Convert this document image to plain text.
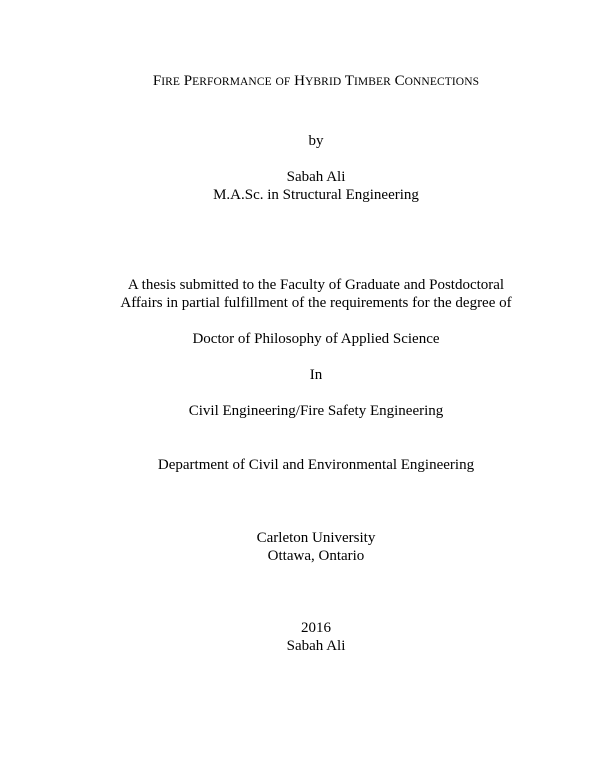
FIRE PERFORMANCE OF HYBRID TIMBER CONNECTIONS
by
Sabah Ali
M.A.Sc. in Structural Engineering
A thesis submitted to the Faculty of Graduate and Postdoctoral
Affairs in partial fulfillment of the requirements for the degree of
Doctor of Philosophy of Applied Science
In
Civil Engineering/Fire Safety Engineering
Department of Civil and Environmental Engineering
Carleton University
Ottawa, Ontario
2016
Sabah Ali
